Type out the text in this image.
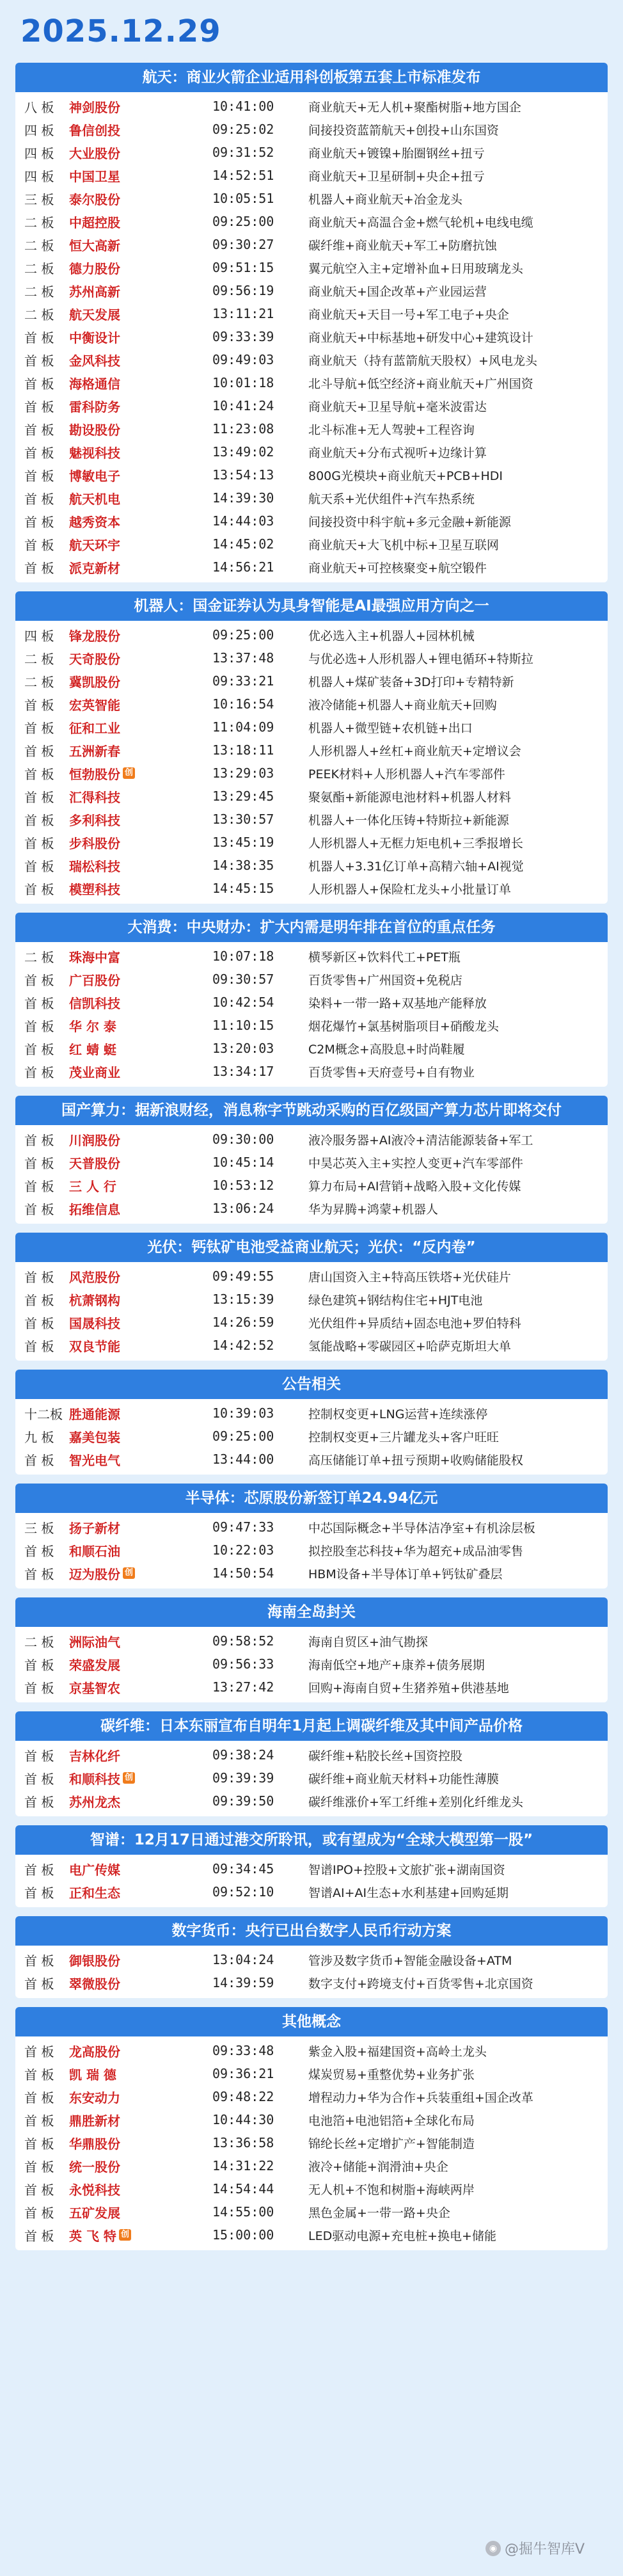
2025.12.29
航天：商业火箭企业适用科创板第五套上市标准发布
八 板	神剑股份	10:41:00	商业航天+无人机+聚酯树脂+地方国企
四 板	鲁信创投	09:25:02	间接投资蓝箭航天+创投+山东国资
四 板	大业股份	09:31:52	商业航天+镀镍+胎圈钢丝+扭亏
四 板	中国卫星	14:52:51	商业航天+卫星研制+央企+扭亏
三 板	泰尔股份	10:05:51	机器人+商业航天+冶金龙头
二 板	中超控股	09:25:00	商业航天+高温合金+燃气轮机+电线电缆
二 板	恒大高新	09:30:27	碳纤维+商业航天+军工+防磨抗蚀
二 板	德力股份	09:51:15	翼元航空入主+定增补血+日用玻璃龙头
二 板	苏州高新	09:56:19	商业航天+国企改革+产业园运营
二 板	航天发展	13:11:21	商业航天+天目一号+军工电子+央企
首 板	中衡设计	09:33:39	商业航天+中标基地+研发中心+建筑设计
首 板	金风科技	09:49:03	商业航天（持有蓝箭航天股权）+风电龙头
首 板	海格通信	10:01:18	北斗导航+低空经济+商业航天+广州国资
首 板	雷科防务	10:41:24	商业航天+卫星导航+毫米波雷达
首 板	勘设股份	11:23:08	北斗标准+无人驾驶+工程咨询
首 板	魅视科技	13:49:02	商业航天+分布式视听+边缘计算
首 板	博敏电子	13:54:13	800G光模块+商业航天+PCB+HDI
首 板	航天机电	14:39:30	航天系+光伏组件+汽车热系统
首 板	越秀资本	14:44:03	间接投资中科宇航+多元金融+新能源
首 板	航天环宇	14:45:02	商业航天+大飞机中标+卫星互联网
首 板	派克新材	14:56:21	商业航天+可控核聚变+航空锻件
机器人：国金证券认为具身智能是AI最强应用方向之一
四 板	锋龙股份	09:25:00	优必选入主+机器人+园林机械
二 板	天奇股份	13:37:48	与优必选+人形机器人+锂电循环+特斯拉
二 板	冀凯股份	09:33:21	机器人+煤矿装备+3D打印+专精特新
首 板	宏英智能	10:16:54	液冷储能+机器人+商业航天+回购
首 板	征和工业	11:04:09	机器人+微型链+农机链+出口
首 板	五洲新春	13:18:11	人形机器人+丝杠+商业航天+定增议会
首 板	恒勃股份 创	13:29:03	PEEK材料+人形机器人+汽车零部件
首 板	汇得科技	13:29:45	聚氨酯+新能源电池材料+机器人材料
首 板	多利科技	13:30:57	机器人+一体化压铸+特斯拉+新能源
首 板	步科股份	13:45:19	人形机器人+无框力矩电机+三季报增长
首 板	瑞松科技	14:38:35	机器人+3.31亿订单+高精六轴+AI视觉
首 板	模塑科技	14:45:15	人形机器人+保险杠龙头+小批量订单
大消费：中央财办：扩大内需是明年排在首位的重点任务
二 板	珠海中富	10:07:18	横琴新区+饮料代工+PET瓶
首 板	广百股份	09:30:57	百货零售+广州国资+免税店
首 板	信凯科技	10:42:54	染料+一带一路+双基地产能释放
首 板	华 尔 泰	11:10:15	烟花爆竹+氯基树脂项目+硝酸龙头
首 板	红 蜻 蜓	13:20:03	C2M概念+高股息+时尚鞋履
首 板	茂业商业	13:34:17	百货零售+天府壹号+自有物业
国产算力：据新浪财经，消息称字节跳动采购的百亿级国产算力芯片即将交付
首 板	川润股份	09:30:00	液冷服务器+AI液冷+清洁能源装备+军工
首 板	天普股份	10:45:14	中昊芯英入主+实控人变更+汽车零部件
首 板	三 人 行	10:53:12	算力布局+AI营销+战略入股+文化传媒
首 板	拓维信息	13:06:24	华为昇腾+鸿蒙+机器人
光伏：钙钛矿电池受益商业航天；光伏：“反内卷”
首 板	风范股份	09:49:55	唐山国资入主+特高压铁塔+光伏硅片
首 板	杭萧钢构	13:15:39	绿色建筑+钢结构住宅+HJT电池
首 板	国晟科技	14:26:59	光伏组件+异质结+固态电池+罗伯特科
首 板	双良节能	14:42:52	氢能战略+零碳园区+哈萨克斯坦大单
公告相关
十二板 胜通能源	10:39:03	控制权变更+LNG运营+连续涨停
九 板	嘉美包装	09:25:00	控制权变更+三片罐龙头+客户旺旺
首 板	智光电气	13:44:00	高压储能订单+扭亏预期+收购储能股权
半导体：芯原股份新签订单24.94亿元
三 板	扬子新材	09:47:33	中芯国际概念+半导体洁净室+有机涂层板
首 板	和顺石油	10:22:03	拟控股奎芯科技+华为超充+成品油零售
首 板	迈为股份 创	14:50:54	HBM设备+半导体订单+钙钛矿叠层
海南全岛封关
二 板	洲际油气	09:58:52	海南自贸区+油气勘探
首 板	荣盛发展	09:56:33	海南低空+地产+康养+债务展期
首 板	京基智农	13:27:42	回购+海南自贸+生猪养殖+供港基地
碳纤维：日本东丽宣布自明年1月起上调碳纤维及其中间产品价格
首 板	吉林化纤	09:38:24	碳纤维+粘胶长丝+国资控股
首 板	和顺科技 创	09:39:39	碳纤维+商业航天材料+功能性薄膜
首 板	苏州龙杰	09:39:50	碳纤维涨价+军工纤维+差别化纤维龙头
智谱：12月17日通过港交所聆讯，或有望成为“全球大模型第一股”
首 板	电广传媒	09:34:45	智谱IPO+控股+文旅扩张+湖南国资
首 板	正和生态	09:52:10	智谱AI+AI生态+水利基建+回购延期
数字货币：央行已出台数字人民币行动方案
首 板	御银股份	13:04:24	管涉及数字货币+智能金融设备+ATM
首 板	翠微股份	14:39:59	数字支付+跨境支付+百货零售+北京国资
其他概念
首 板	龙高股份	09:33:48	紫金入股+福建国资+高岭土龙头
首 板	凯 瑞 德	09:36:21	煤炭贸易+重整优势+业务扩张
首 板	东安动力	09:48:22	增程动力+华为合作+兵装重组+国企改革
首 板	鼎胜新材	10:44:30	电池箔+电池铝箔+全球化布局
首 板	华鼎股份	13:36:58	锦纶长丝+定增扩产+智能制造
首 板	统一股份	14:31:22	液冷+储能+润滑油+央企
首 板	永悦科技	14:54:44	无人机+不饱和树脂+海峡两岸
首 板	五矿发展	14:55:00	黑色金属+一带一路+央企
首 板	英 飞 特 创	15:00:00	LED驱动电源+充电桩+换电+储能
◉ @掘牛智库V
